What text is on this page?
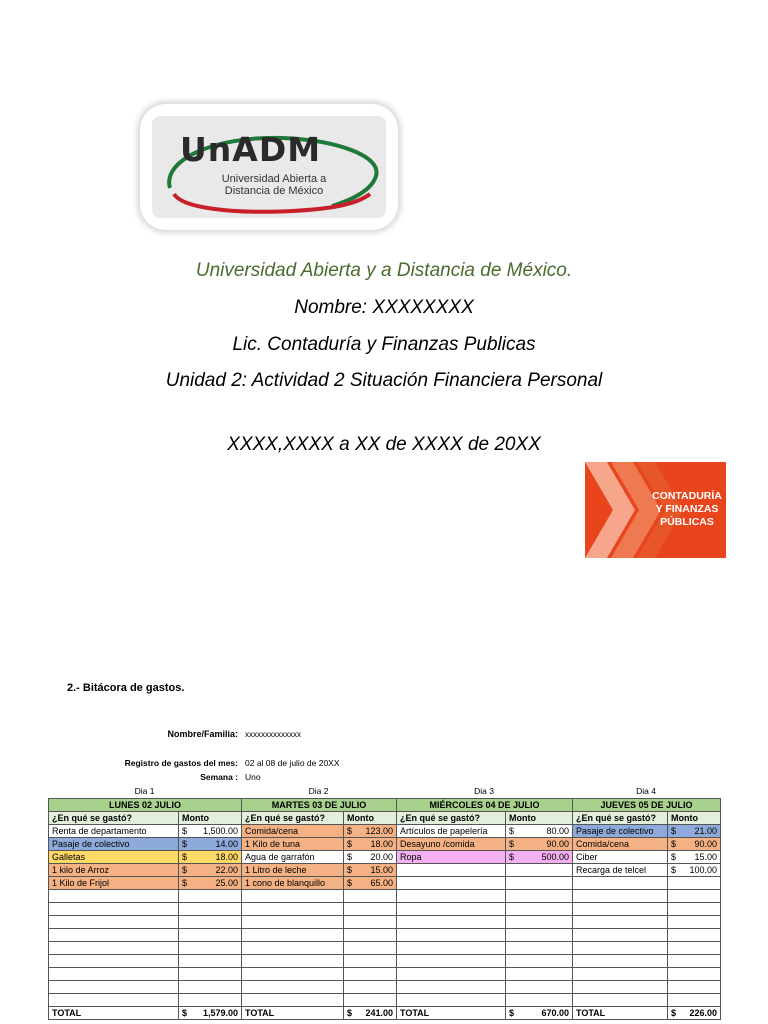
UnADM
Universidad Abierta a
Distancia de México
Universidad Abierta y a Distancia de México.
Nombre: XXXXXXXX
Lic. Contaduría y Finanzas Publicas
Unidad 2: Actividad 2 Situación Financiera Personal
XXXX,XXXX a XX de XXXX de 20XX
CONTADURÍA
Y FINANZAS
PÚBLICAS
2.- Bitácora de gastos.
Nombre/Familia: xxxxxxxxxxxxxx
Registro de gastos del mes: 02 al 08 de julio de 20XX
Semana : Uno
Dia 1	Dia 2	Dia 3	Dia 4
LUNES 02 JULIO		MARTES 03 DE JULIO		MIÉRCOLES 04 DE JULIO		JUEVES 05 DE JULIO	
¿En qué se gastó?	Monto	¿En qué se gastó?	Monto	¿En qué se gastó?	Monto	¿En qué se gastó?	Monto
Renta de departamento	$ 1,500.00	Comida/cena	$ 123.00	Artículos de papelería	$ 80.00	Pasaje de colectivo	$ 21.00

Pasaje de colectivo	$ 14.00	1 Kilo de tuna	$ 18.00	Desayuno /comida	$ 90.00	Comida/cena	$ 90.00

Galletas	$ 18.00	Agua de garrafón	$ 20.00	Ropa	$ 500.00	Ciber	$ 15.00

1 kilo de Arroz	$ 22.00	1 Litro de leche	$ 15.00			Recarga de telcel	$ 100.00

1 Kilo de Frijol	$ 25.00	1 cono de blanquillo	$ 65.00				

TOTAL	$ 1,579.00	TOTAL	$ 241.00	TOTAL	$ 670.00	TOTAL	$ 226.00
